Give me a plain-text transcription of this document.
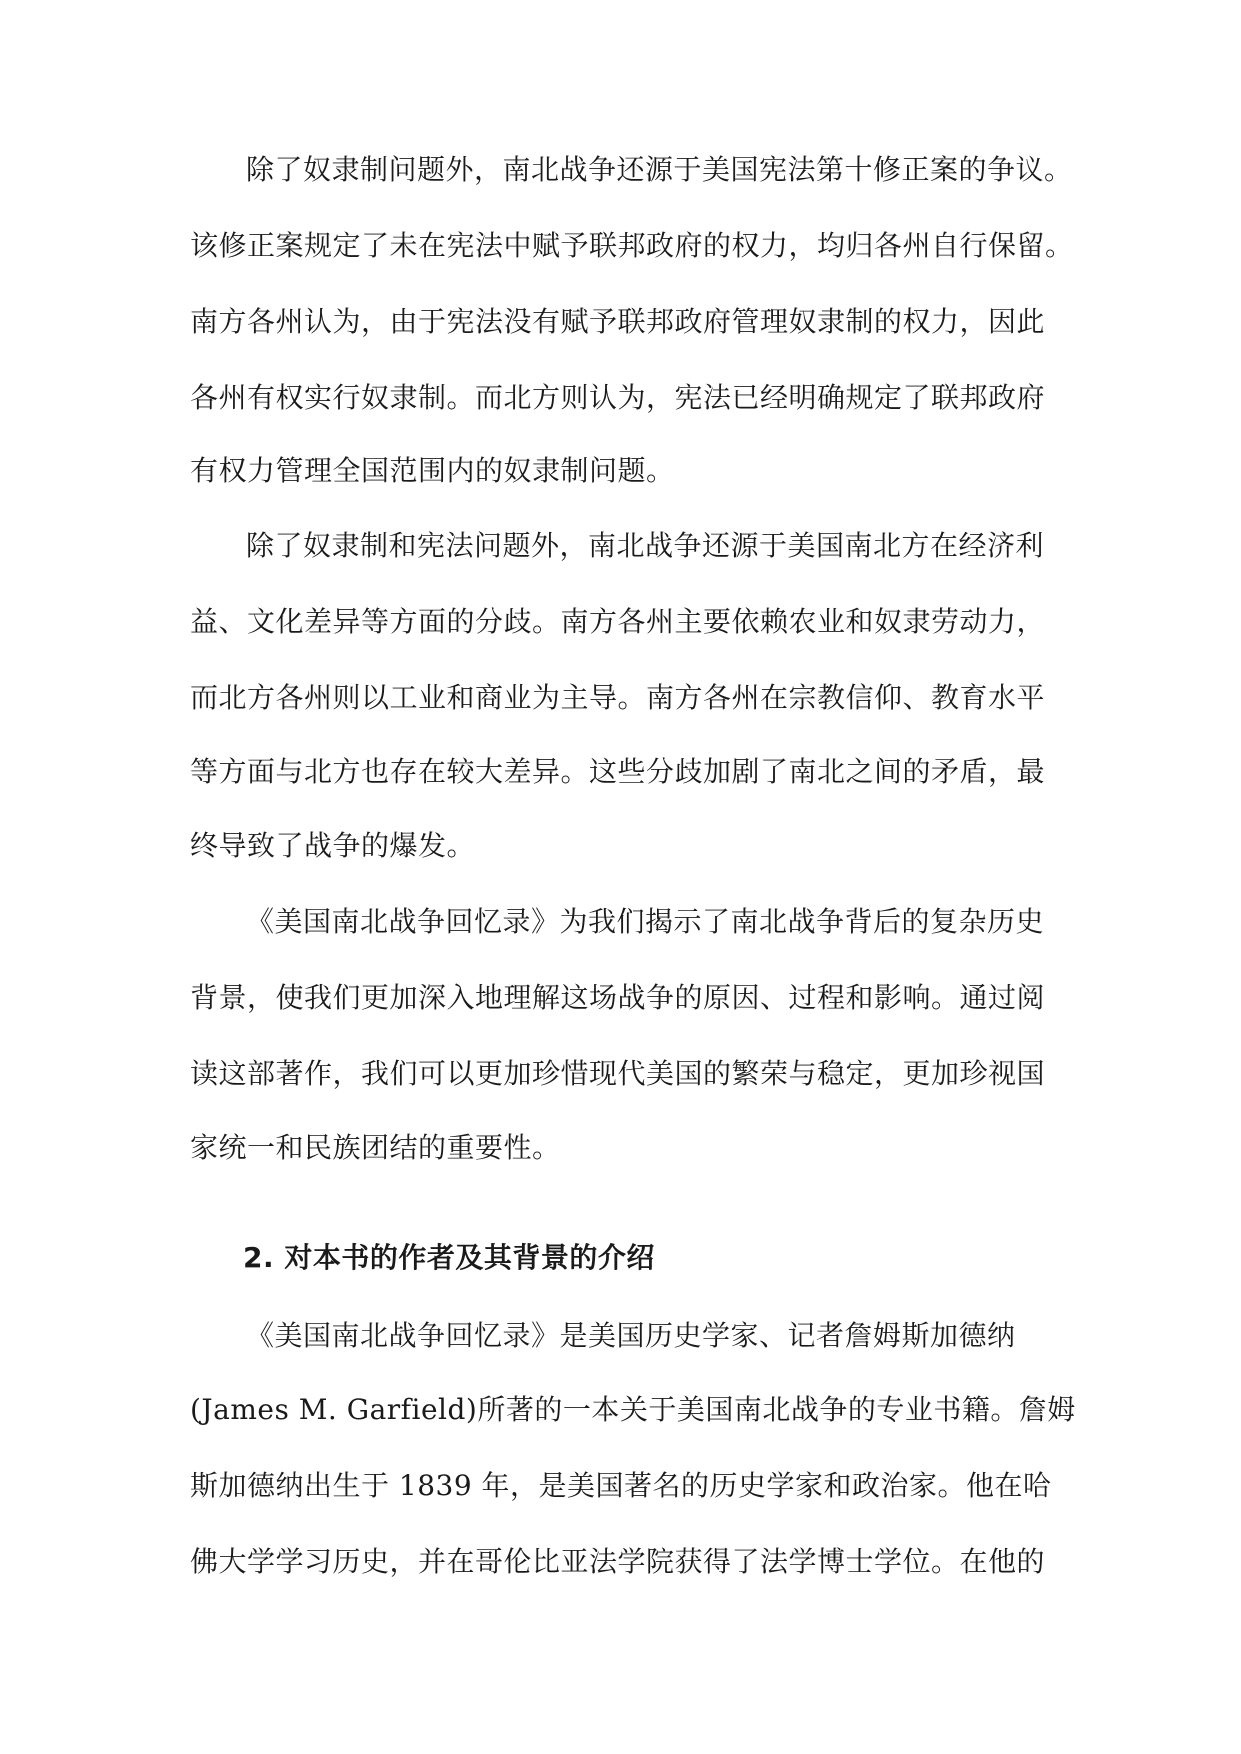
除了奴隶制问题外，南北战争还源于美国宪法第十修正案的争议。
该修正案规定了未在宪法中赋予联邦政府的权力，均归各州自行保留。
南方各州认为，由于宪法没有赋予联邦政府管理奴隶制的权力，因此
各州有权实行奴隶制。而北方则认为，宪法已经明确规定了联邦政府
有权力管理全国范围内的奴隶制问题。
除了奴隶制和宪法问题外，南北战争还源于美国南北方在经济利
益、文化差异等方面的分歧。南方各州主要依赖农业和奴隶劳动力，
而北方各州则以工业和商业为主导。南方各州在宗教信仰、教育水平
等方面与北方也存在较大差异。这些分歧加剧了南北之间的矛盾，最
终导致了战争的爆发。
《美国南北战争回忆录》为我们揭示了南北战争背后的复杂历史
背景，使我们更加深入地理解这场战争的原因、过程和影响。通过阅
读这部著作，我们可以更加珍惜现代美国的繁荣与稳定，更加珍视国
家统一和民族团结的重要性。
2. 对本书的作者及其背景的介绍
《美国南北战争回忆录》是美国历史学家、记者詹姆斯加德纳
(James M. Garfield)所著的一本关于美国南北战争的专业书籍。詹姆
斯加德纳出生于 1839 年，是美国著名的历史学家和政治家。他在哈
佛大学学习历史，并在哥伦比亚法学院获得了法学博士学位。在他的
